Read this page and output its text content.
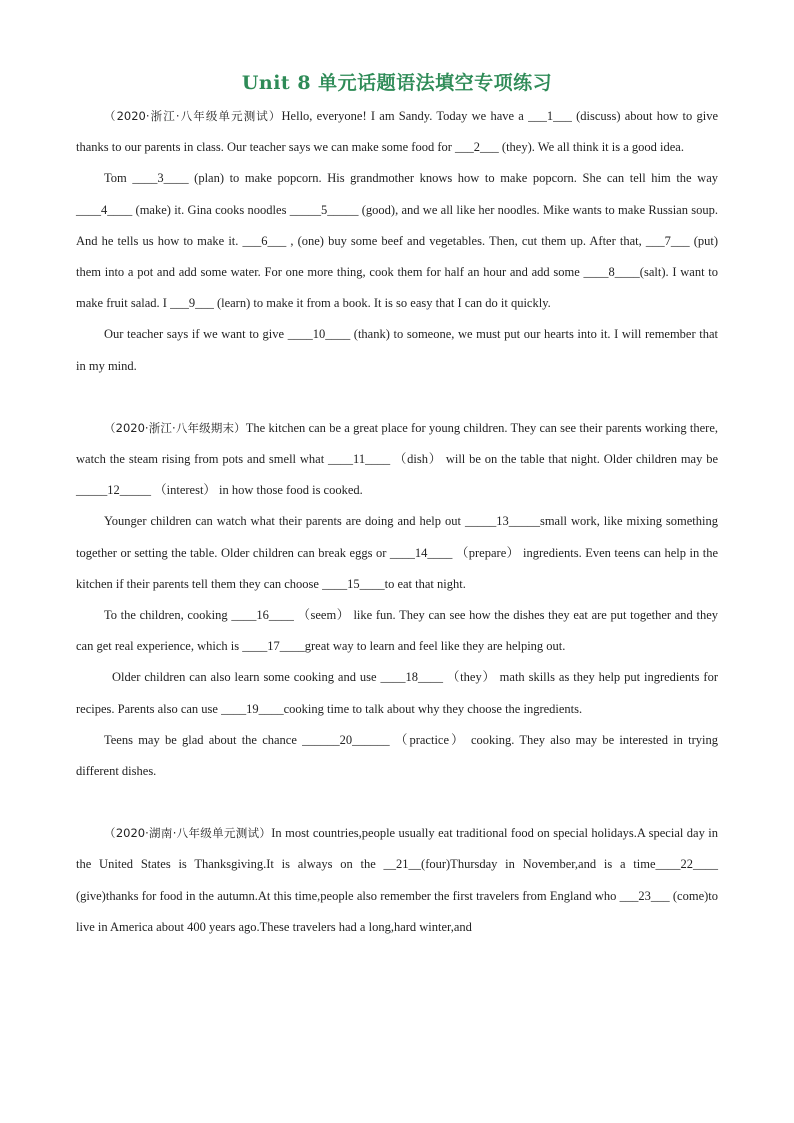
Unit 8 单元话题语法填空专项练习

（2020·浙江·八年级单元测试）Hello, everyone! I am Sandy. Today we have a ___1___ (discuss) about how to give thanks to our parents in class. Our teacher says we can make some food for ___2___ (they). We all think it is a good idea.

Tom ____3____ (plan) to make popcorn. His grandmother knows how to make popcorn. She can tell him the way ____4____ (make) it. Gina cooks noodles _____5_____ (good), and we all like her noodles. Mike wants to make Russian soup. And he tells us how to make it. ___6___ , (one) buy some beef and vegetables. Then, cut them up. After that, ___7___ (put) them into a pot and add some water. For one more thing, cook them for half an hour and add some ____8____(salt). I want to make fruit salad. I ___9___ (learn) to make it from a book. It is so easy that I can do it quickly.

Our teacher says if we want to give ____10____ (thank) to someone, we must put our hearts into it. I will remember that in my mind.

（2020·浙江·八年级期末）The kitchen can be a great place for young children. They can see their parents working there, watch the steam rising from pots and smell what ____11____ （dish） will be on the table that night. Older children may be _____12_____ （interest） in how those food is cooked.

Younger children can watch what their parents are doing and help out _____13_____small work, like mixing something together or setting the table. Older children can break eggs or ____14____ （prepare） ingredients. Even teens can help in the kitchen if their parents tell them they can choose ____15____to eat that night.

To the children, cooking ____16____ （seem） like fun. They can see how the dishes they eat are put together and they can get real experience, which is ____17____great way to learn and feel like they are helping out.

Older children can also learn some cooking and use ____18____ （they） math skills as they help put ingredients for recipes. Parents also can use ____19____cooking time to talk about why they choose the ingredients.

Teens may be glad about the chance ______20______ （practice） cooking. They also may be interested in trying different dishes.

（2020·湖南·八年级单元测试）In most countries,people usually eat traditional food on special holidays.A special day in the United States is Thanksgiving.It is always on the __21__(four)Thursday in November,and is a time____22____ (give)thanks for food in the autumn.At this time,people also remember the first travelers from England who ___23___ (come)to live in America about 400 years ago.These travelers had a long,hard winter,and
